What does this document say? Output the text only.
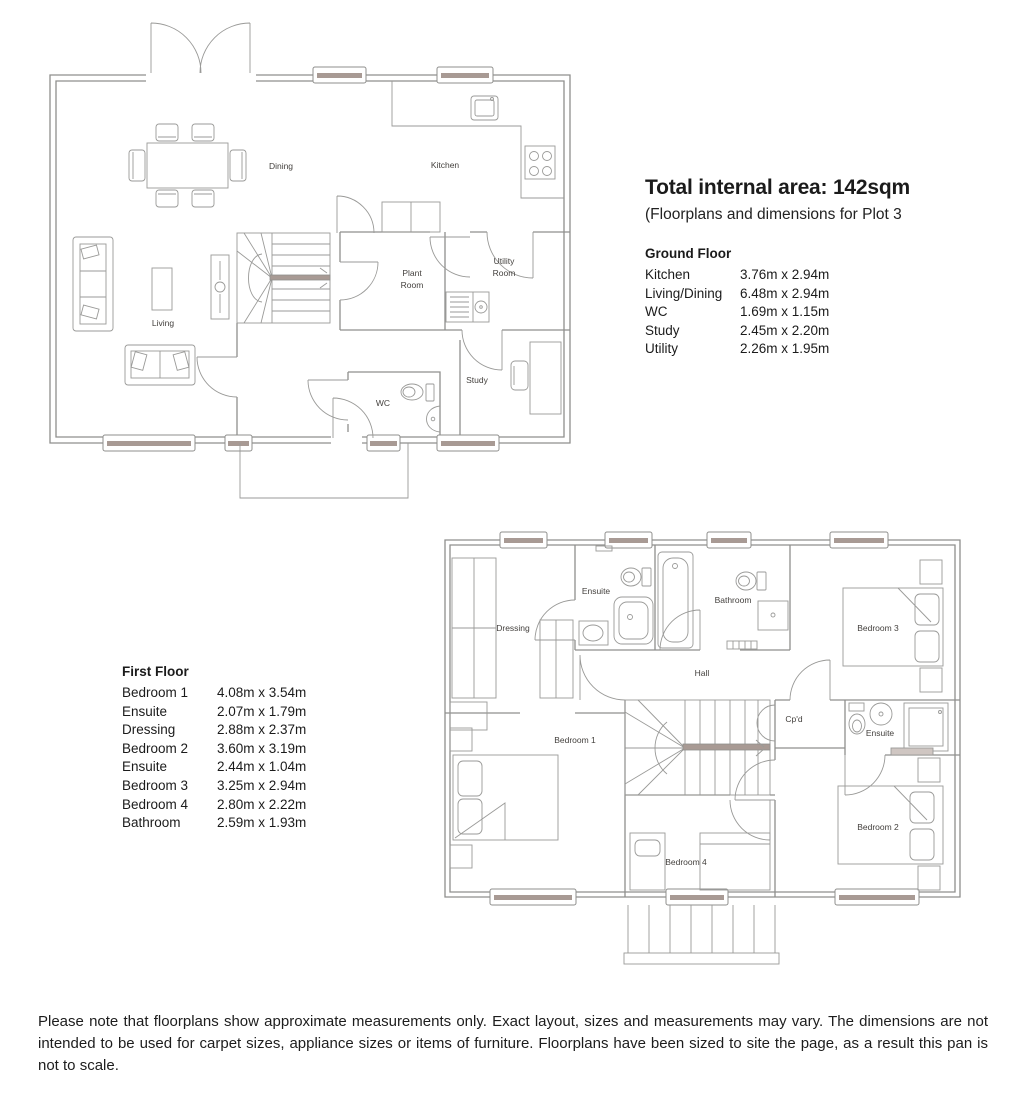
Dining	Kitchen
Living
Plant
Room
Utility
Room
WC
Study
Dressing
Ensuite
Bathroom
Bedroom 3
Hall
Bedroom 1
Cp'd
Ensuite
Bedroom 2
Bedroom 4
Total internal area: 142sqm

(Floorplans and dimensions for Plot 3

Ground Floor

Kitchen	3.76m x 2.94m
Living/Dining	6.48m x 2.94m
WC	1.69m x 1.15m
Study	2.45m x 2.20m
Utility	2.26m x 1.95m

First Floor

Bedroom 1	4.08m x 3.54m
Ensuite	2.07m x 1.79m
Dressing	2.88m x 2.37m
Bedroom 2	3.60m x 3.19m
Ensuite	2.44m x 1.04m
Bedroom 3	3.25m x 2.94m
Bedroom 4	2.80m x 2.22m
Bathroom	2.59m x 1.93m

Please note that floorplans show approximate measurements only. Exact layout, sizes and measurements may vary. The dimensions are not intended to be used for carpet sizes, appliance sizes or items of furniture. Floorplans have been sized to site the page, as a result this pan is not to scale.
